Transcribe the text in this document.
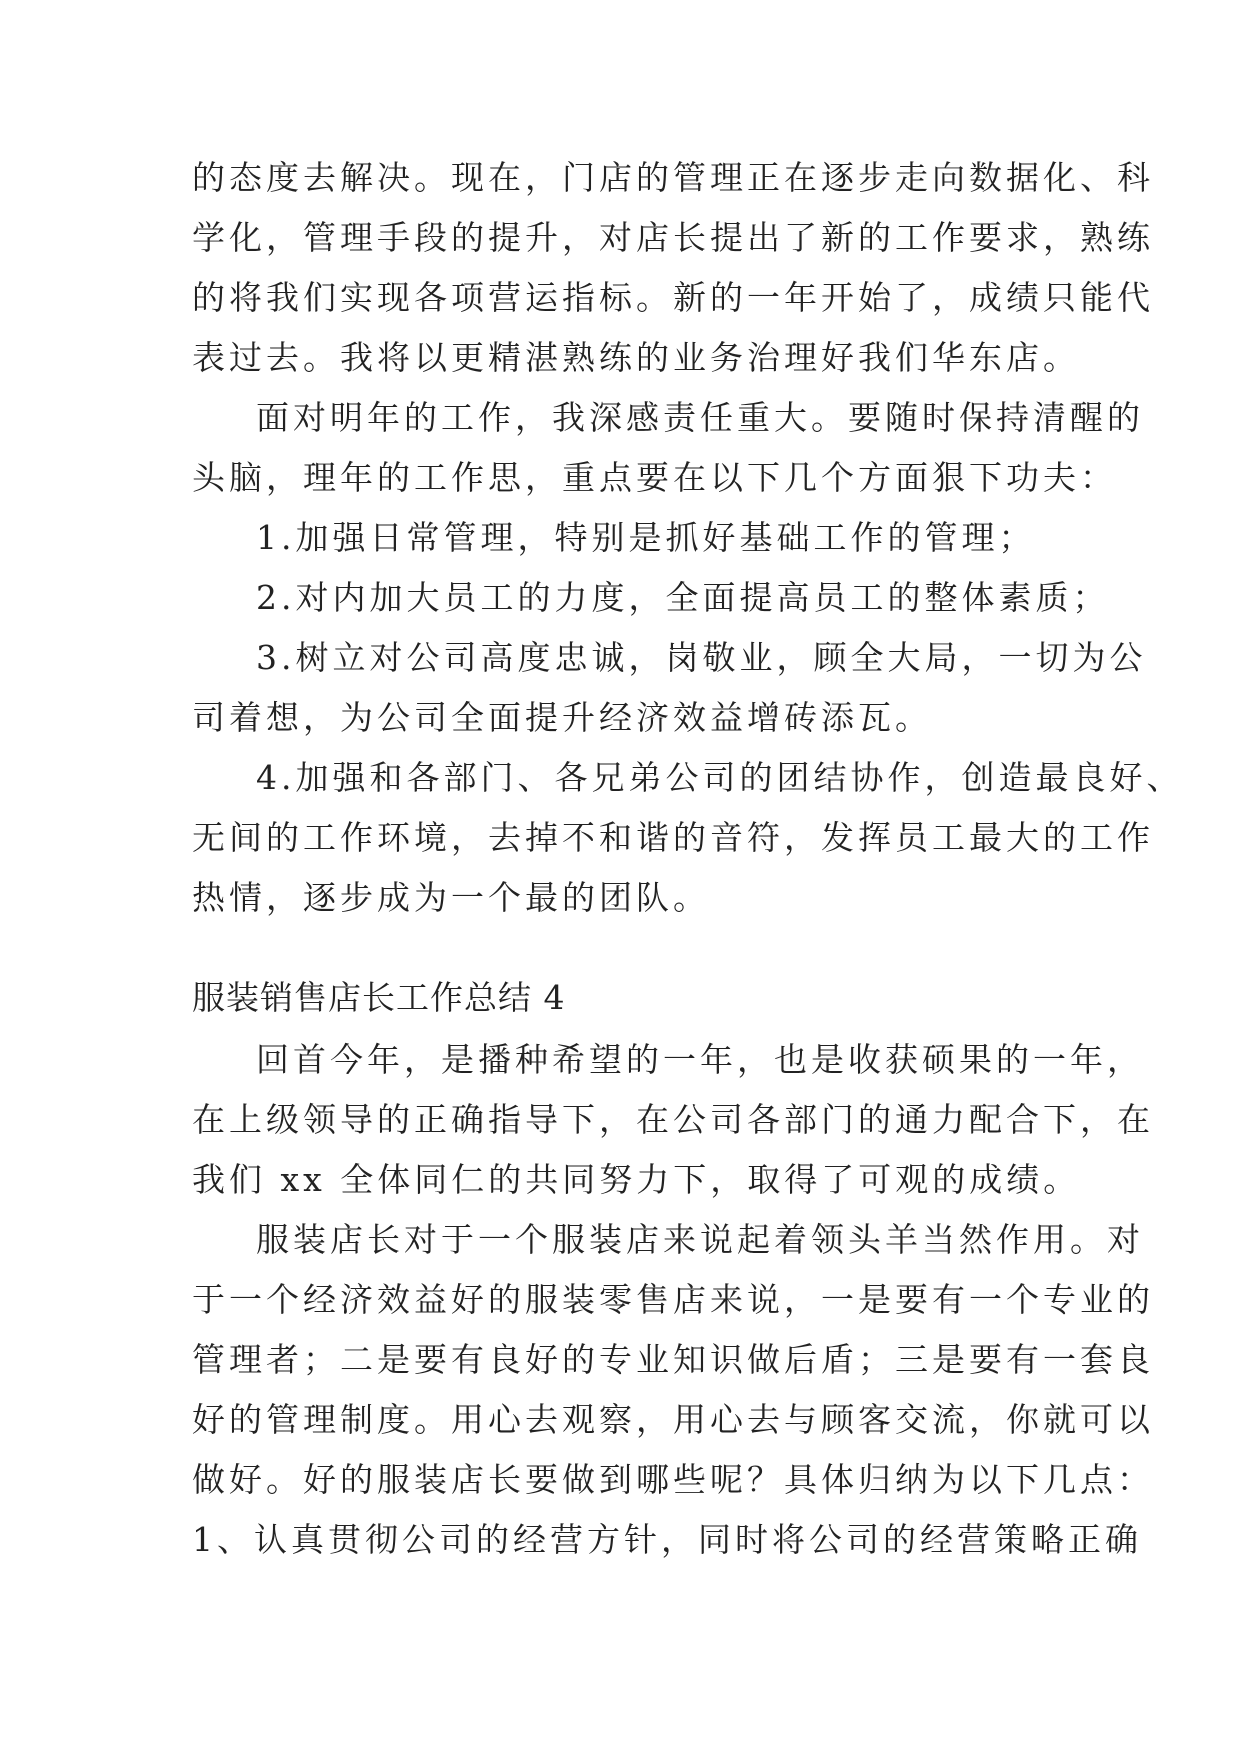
的态度去解决。现在，门店的管理正在逐步走向数据化、科
学化，管理手段的提升，对店长提出了新的工作要求，熟练
的将我们实现各项营运指标。新的一年开始了，成绩只能代
表过去。我将以更精湛熟练的业务治理好我们华东店。
面对明年的工作，我深感责任重大。要随时保持清醒的
头脑，理年的工作思，重点要在以下几个方面狠下功夫：
1.加强日常管理，特别是抓好基础工作的管理；
2.对内加大员工的力度，全面提高员工的整体素质；
3.树立对公司高度忠诚，岗敬业，顾全大局，一切为公
司着想，为公司全面提升经济效益增砖添瓦。
4.加强和各部门、各兄弟公司的团结协作，创造最良好、
无间的工作环境，去掉不和谐的音符，发挥员工最大的工作
热情，逐步成为一个最的团队。
服装销售店长工作总结 4
回首今年，是播种希望的一年，也是收获硕果的一年，
在上级领导的正确指导下，在公司各部门的通力配合下，在
我们 xx 全体同仁的共同努力下，取得了可观的成绩。
服装店长对于一个服装店来说起着领头羊当然作用。对
于一个经济效益好的服装零售店来说，一是要有一个专业的
管理者；二是要有良好的专业知识做后盾；三是要有一套良
好的管理制度。用心去观察，用心去与顾客交流，你就可以
做好。好的服装店长要做到哪些呢？具体归纳为以下几点：
1、认真贯彻公司的经营方针，同时将公司的经营策略正确
